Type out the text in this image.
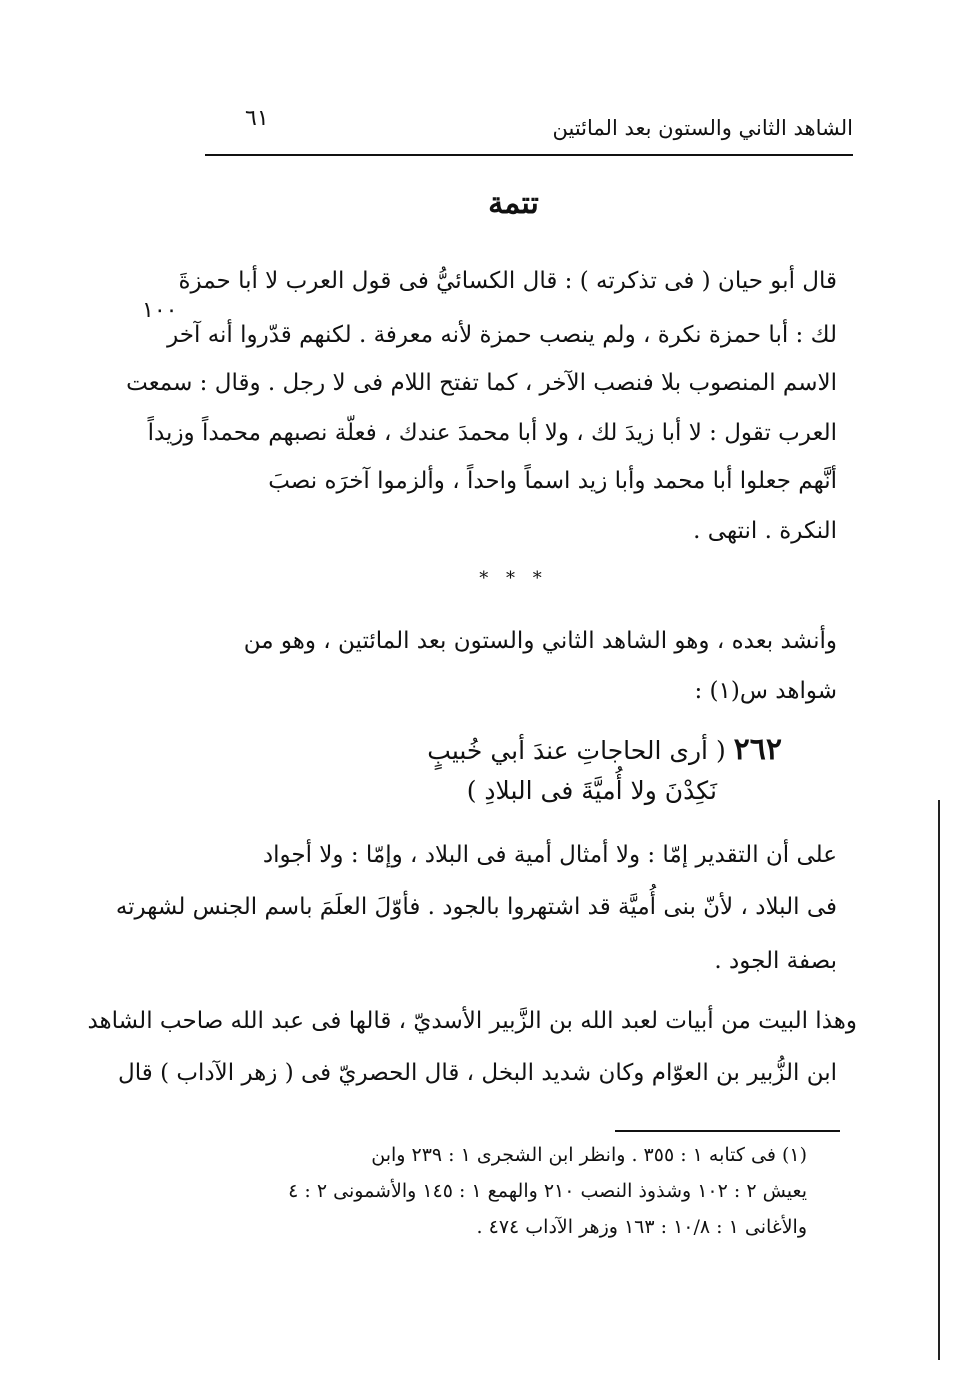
الشاهد الثاني والستون بعد المائتين
٦١
تتمة
١٠٠
قال أبو حيان ( فى تذكرته ) : قال الكسائيُّ فى قول العرب لا أبا حمزةَ
لك : أبا حمزة نكرة ، ولم ينصب حمزة لأنه معرفة . لكنهم قدّروا أنه آخر
الاسم المنصوب بلا فنصب الآخر ، كما تفتح اللام فى لا رجل . وقال : سمعت
العرب تقول : لا أبا زيدَ لك ، ولا أبا محمدَ عندك ، فعلّة نصبهم محمداً وزيداً
أنَّهم جعلوا أبا محمد وأبا زيد اسماً واحداً ، وألزموا آخرَه نصبَ
النكرة . انتهى .
* * *
وأنشد بعده ، وهو الشاهد الثاني والستون بعد المائتين ، وهو من
شواهد س(١) :
٢٦٢ ( أرى الحاجاتِ عندَ أبي خُبيبٍ
نَكِدْنَ ولا أُميَّةَ فى البلادِ )
على أن التقدير إمّا : ولا أمثال أمية فى البلاد ، وإمّا : ولا أجواد
فى البلاد ، لأنّ بنى أُميَّة قد اشتهروا بالجود . فأوّلَ العلَمَ باسم الجنس لشهرته
بصفة الجود .
وهذا البيت من أبيات لعبد الله بن الزَّبير الأسديّ ، قالها فى عبد الله صاحب الشاهد
ابن الزُّبير بن العوّام وكان شديد البخل ، قال الحصريّ فى ( زهر الآداب ) قال
(١) فى كتابه ١ : ٣٥٥ . وانظر ابن الشجرى ١ : ٢٣٩ وابن
يعيش ٢ : ١٠٢ وشذوذ النصب ٢١٠ والهمع ١ : ١٤٥ والأشمونى ٢ : ٤
والأغانى ١ : ١٠/٨ : ١٦٣ وزهر الآداب ٤٧٤ .
